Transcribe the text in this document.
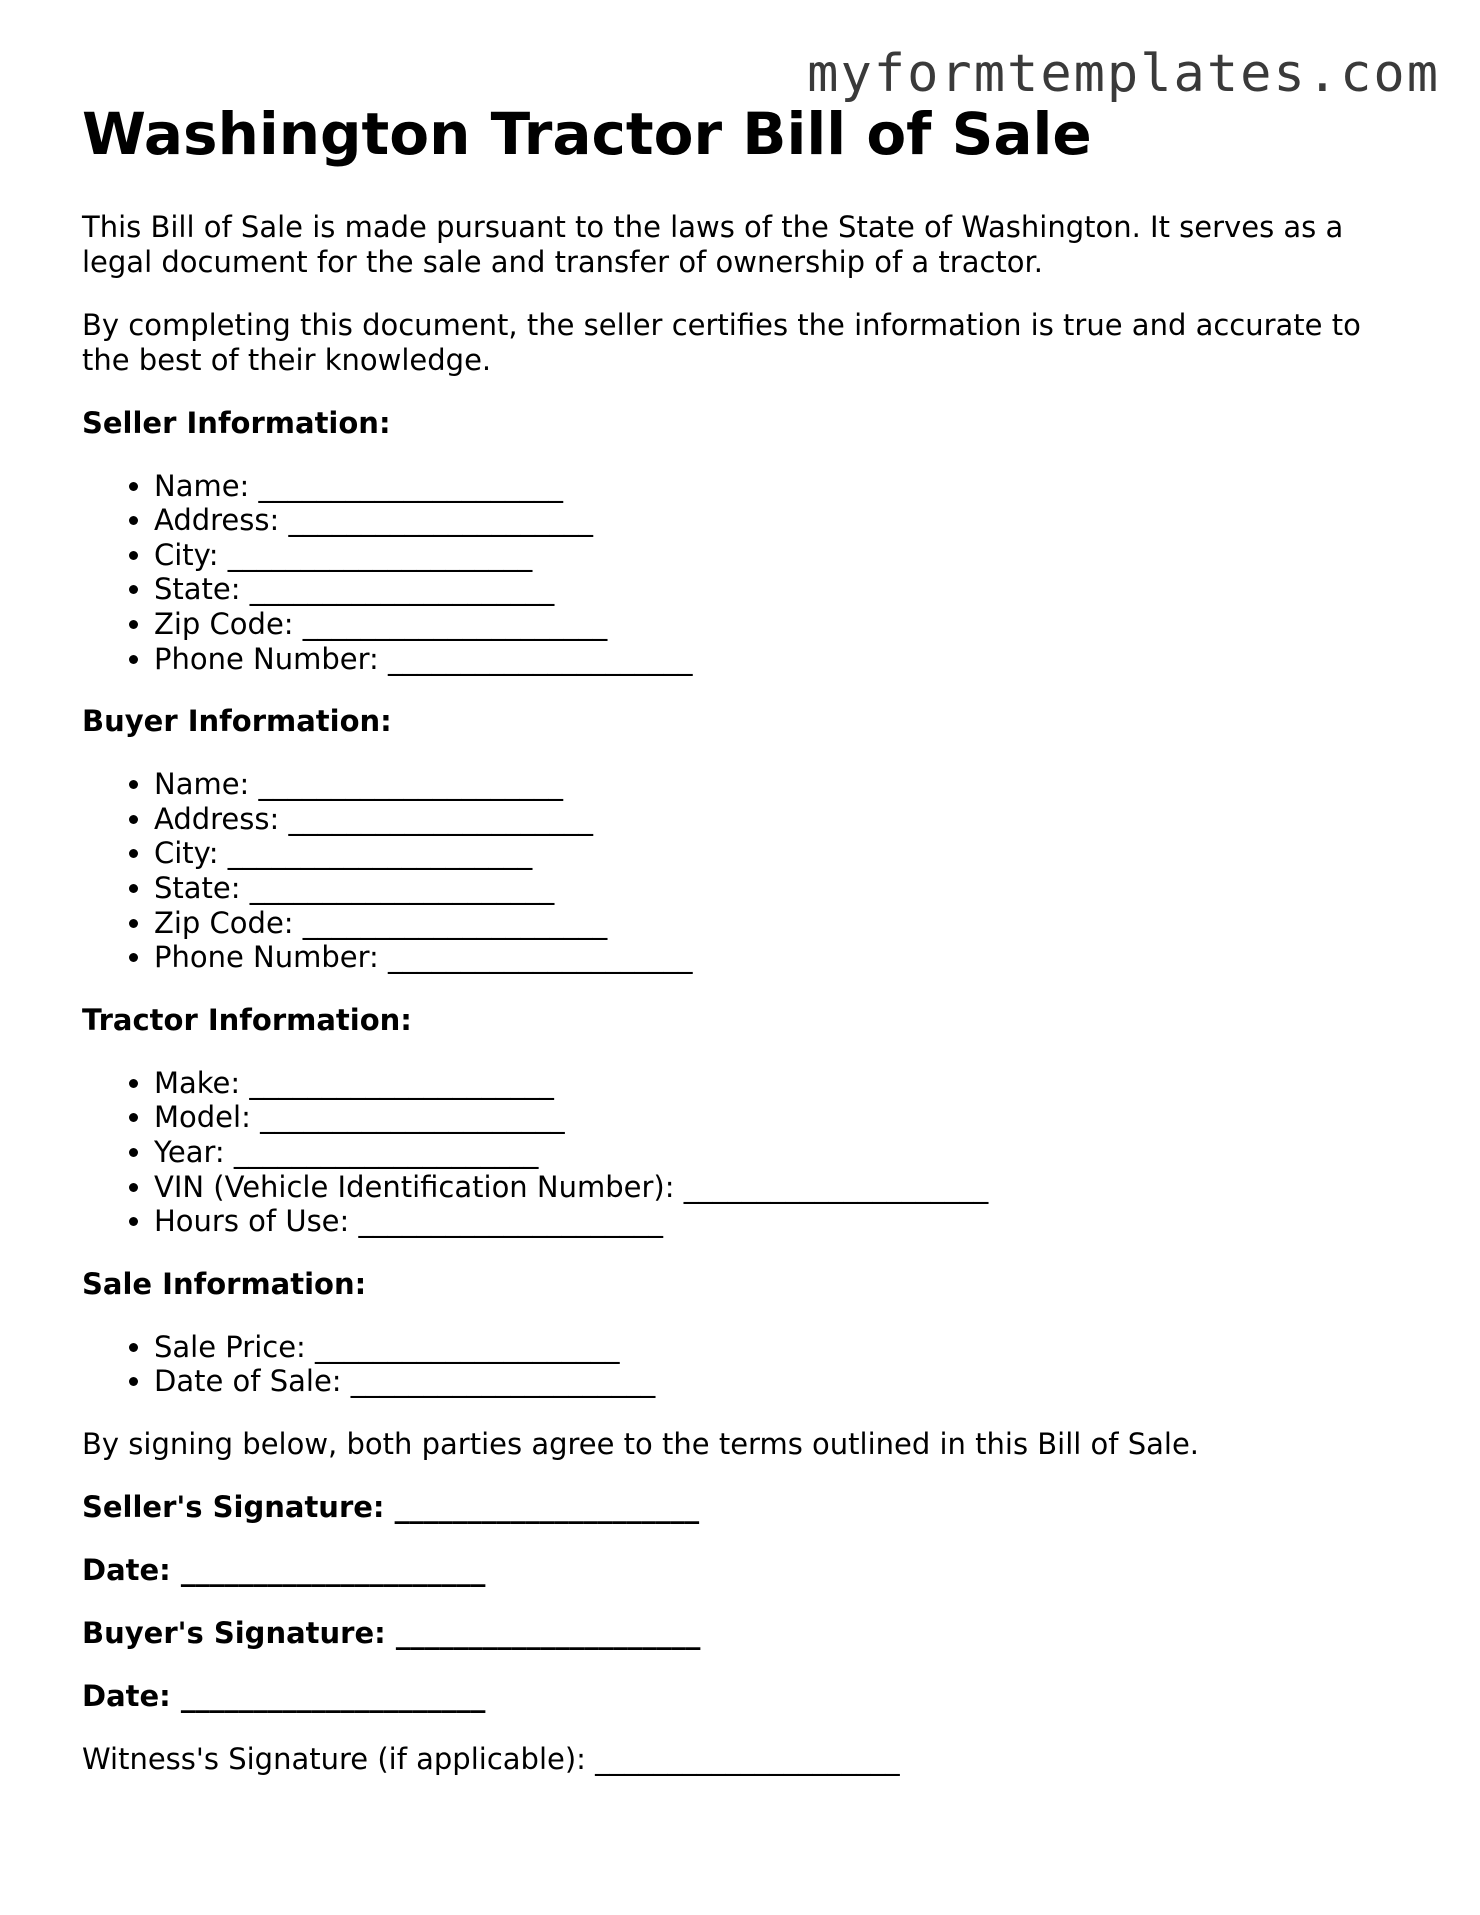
myformtemplates.com
Washington Tractor Bill of Sale

This Bill of Sale is made pursuant to the laws of the State of Washington. It serves as a legal document for the sale and transfer of ownership of a tractor.

By completing this document, the seller certifies the information is true and accurate to the best of their knowledge.

Seller Information:
• Name: _____________________
• Address: _____________________
• City: _____________________
• State: _____________________
• Zip Code: _____________________
• Phone Number: _____________________
Buyer Information:
• Name: _____________________
• Address: _____________________
• City: _____________________
• State: _____________________
• Zip Code: _____________________
• Phone Number: _____________________
Tractor Information:
• Make: _____________________
• Model: _____________________
• Year: _____________________
• VIN (Vehicle Identification Number): _____________________
• Hours of Use: _____________________
Sale Information:
• Sale Price: _____________________
• Date of Sale: _____________________

By signing below, both parties agree to the terms outlined in this Bill of Sale.

Seller's Signature: _____________________

Date: _____________________

Buyer's Signature: _____________________

Date: _____________________

Witness's Signature (if applicable): _____________________
